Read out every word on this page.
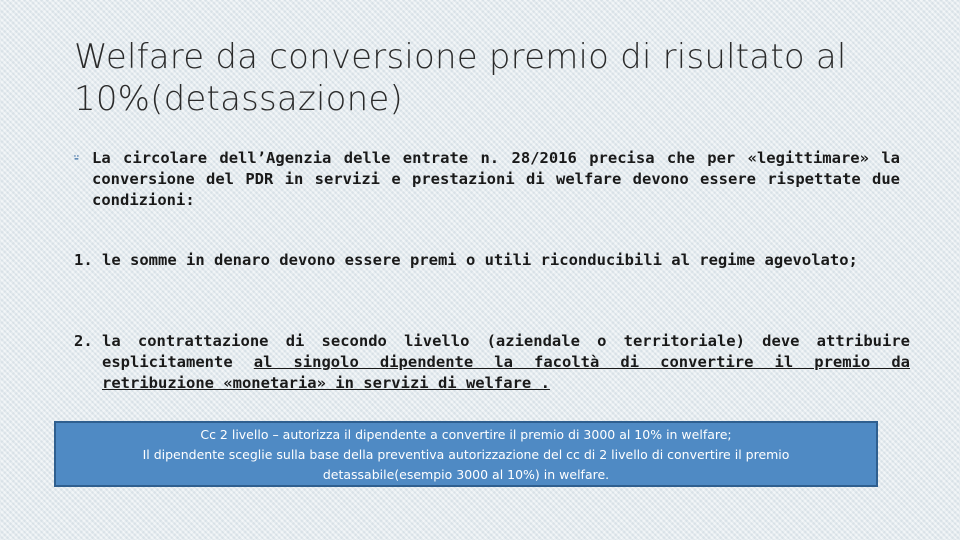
Welfare da conversione premio di risultato al 10%(detassazione)
⸚ La circolare dell’Agenzia delle entrate n. 28/2016 precisa che per «legittimare» la conversione del PDR in servizi e prestazioni di welfare devono essere rispettate due condizioni:
1. le somme in denaro devono essere premi o utili riconducibili al regime agevolato;
2. la contrattazione di secondo livello (aziendale o territoriale) deve attribuire esplicitamente al singolo dipendente la facoltà di convertire il premio da retribuzione «monetaria» in servizi di welfare .
Cc 2 livello – autorizza il dipendente a convertire il premio di 3000 al 10% in welfare;
Il dipendente sceglie sulla base della preventiva autorizzazione del cc di 2 livello di convertire il premio
detassabile(esempio 3000 al 10%) in welfare.
